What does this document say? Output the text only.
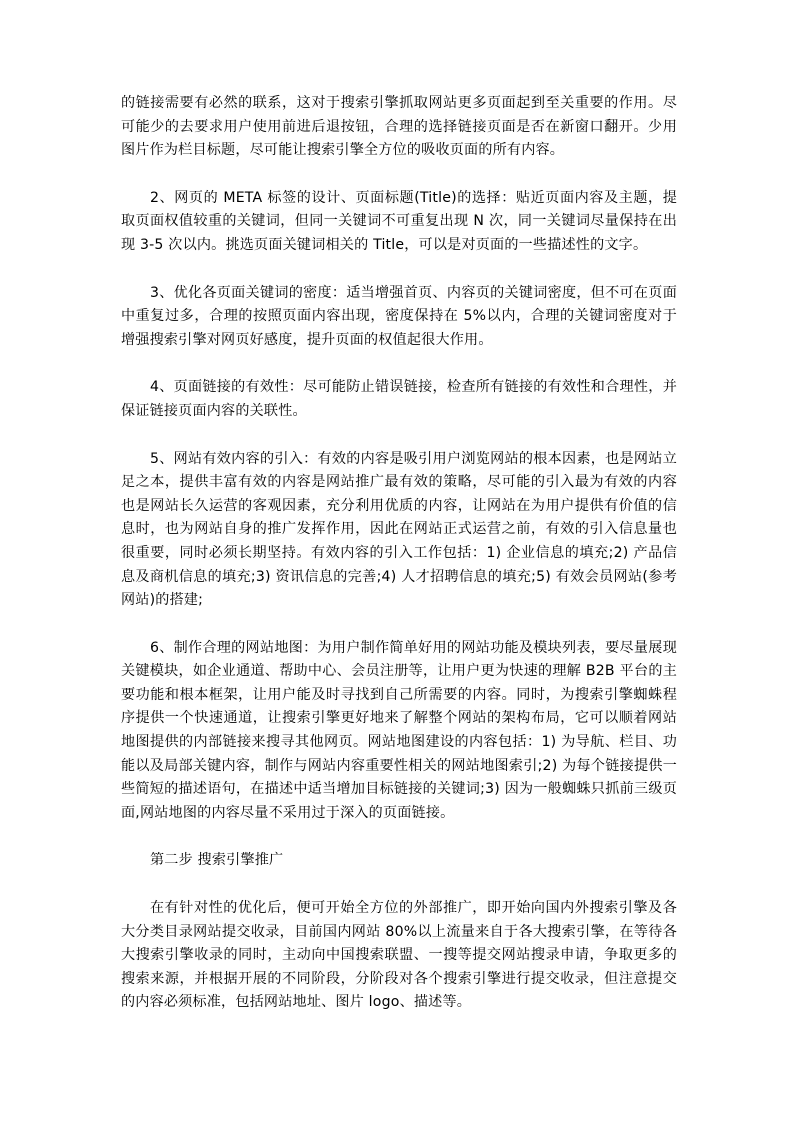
的链接需要有必然的联系，这对于搜索引擎抓取网站更多页面起到至关重要的作用。尽可能少的去要求用户使用前进后退按钮，合理的选择链接页面是否在新窗口翻开。少用图片作为栏目标题，尽可能让搜索引擎全方位的吸收页面的所有内容。

2、网页的 META 标签的设计、页面标题(Title)的选择：贴近页面内容及主题，提取页面权值较重的关键词，但同一关键词不可重复出现 N 次，同一关键词尽量保持在出现 3-5 次以内。挑选页面关键词相关的 Title，可以是对页面的一些描述性的文字。

3、优化各页面关键词的密度：适当增强首页、内容页的关键词密度，但不可在页面中重复过多，合理的按照页面内容出现，密度保持在 5%以内，合理的关键词密度对于增强搜索引擎对网页好感度，提升页面的权值起很大作用。

4、页面链接的有效性：尽可能防止错误链接，检查所有链接的有效性和合理性，并保证链接页面内容的关联性。

5、网站有效内容的引入：有效的内容是吸引用户浏览网站的根本因素，也是网站立足之本，提供丰富有效的内容是网站推广最有效的策略，尽可能的引入最为有效的内容也是网站长久运营的客观因素，充分利用优质的内容，让网站在为用户提供有价值的信息时，也为网站自身的推广发挥作用，因此在网站正式运营之前，有效的引入信息量也很重要，同时必须长期坚持。有效内容的引入工作包括：1) 企业信息的填充;2) 产品信息及商机信息的填充;3) 资讯信息的完善;4) 人才招聘信息的填充;5) 有效会员网站(参考网站)的搭建;

6、制作合理的网站地图：为用户制作简单好用的网站功能及模块列表，要尽量展现关键模块，如企业通道、帮助中心、会员注册等，让用户更为快速的理解 B2B 平台的主要功能和根本框架，让用户能及时寻找到自己所需要的内容。同时，为搜索引擎蜘蛛程序提供一个快速通道，让搜索引擎更好地来了解整个网站的架构布局，它可以顺着网站地图提供的内部链接来搜寻其他网页。网站地图建设的内容包括：1) 为导航、栏目、功能以及局部关键内容，制作与网站内容重要性相关的网站地图索引;2) 为每个链接提供一些简短的描述语句，在描述中适当增加目标链接的关键词;3) 因为一般蜘蛛只抓前三级页面,网站地图的内容尽量不采用过于深入的页面链接。

第二步 搜索引擎推广

在有针对性的优化后，便可开始全方位的外部推广，即开始向国内外搜索引擎及各大分类目录网站提交收录，目前国内网站 80%以上流量来自于各大搜索引擎，在等待各大搜索引擎收录的同时，主动向中国搜索联盟、一搜等提交网站搜录申请，争取更多的搜索来源，并根据开展的不同阶段，分阶段对各个搜索引擎进行提交收录，但注意提交的内容必须标准，包括网站地址、图片 logo、描述等。
